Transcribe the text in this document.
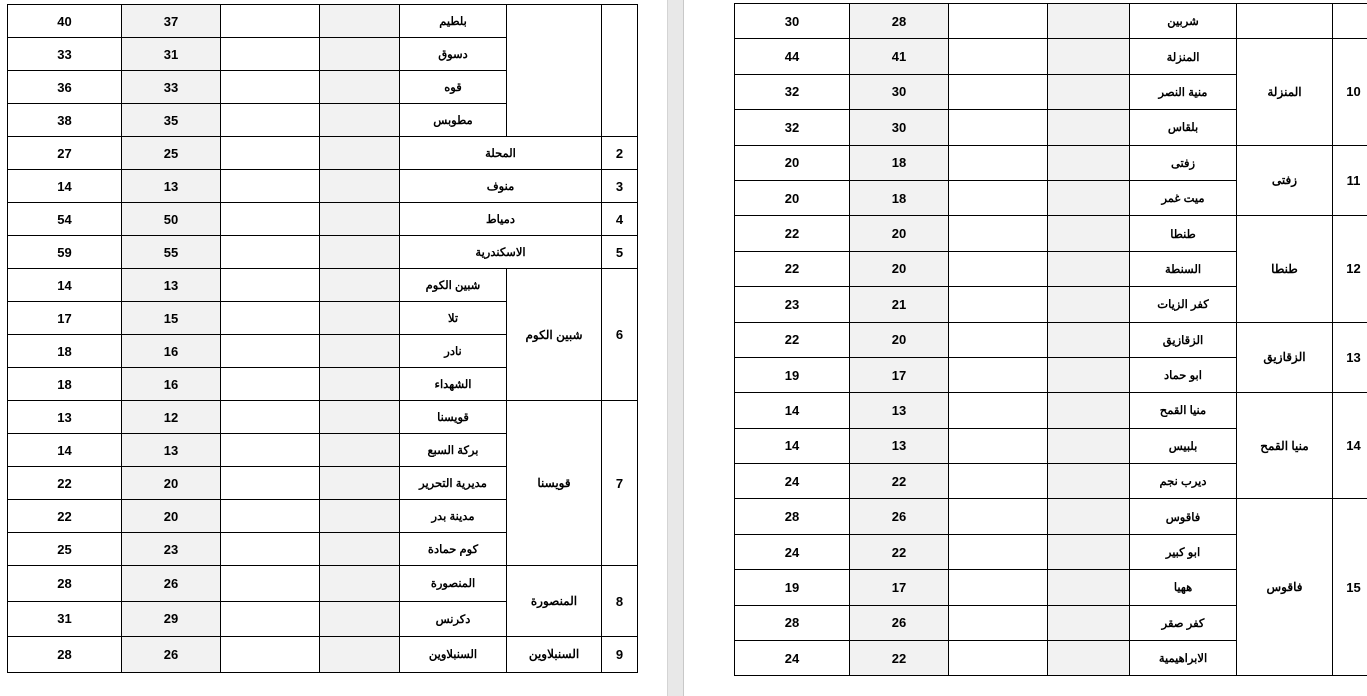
40	37			بلطيم		
33	31			دسوق		
36	33			قوه		
38	35			مطوبس		
27	25			المحلة		2
14	13			منوف		3
54	50			دمياط		4
59	55			الاسكندرية		5
14	13			شبين الكوم	شبين الكوم	6
17	15			تلا		
18	16			نادر		
18	16			الشهداء		
13	12			قويسنا	قويسنا	7
14	13			بركة السبع		
22	20			مديرية التحرير		
22	20			مدينة بدر		
25	23			كوم حمادة		
28	26			المنصورة	المنصورة	8
31	29			دكرنس		
28	26			السنبلاوين	السنبلاوين	9
30	28			شربين		
44	41			المنزلة	المنزلة	10
32	30			منية النصر		
32	30			بلقاس		
20	18			زفتى	زفتى	11
20	18			ميت غمر		
22	20			طنطا	طنطا	12
22	20			السنطة		
23	21			كفر الزيات		
22	20			الزقازيق	الزقازيق	13
19	17			ابو حماد		
14	13			منيا القمح	منيا القمح	14
14	13			بلبيس		
24	22			ديرب نجم		
28	26			فاقوس	فاقوس	15
24	22			ابو كبير		
19	17			ههيا		
28	26			كفر صقر		
24	22			الابراهيمية		
